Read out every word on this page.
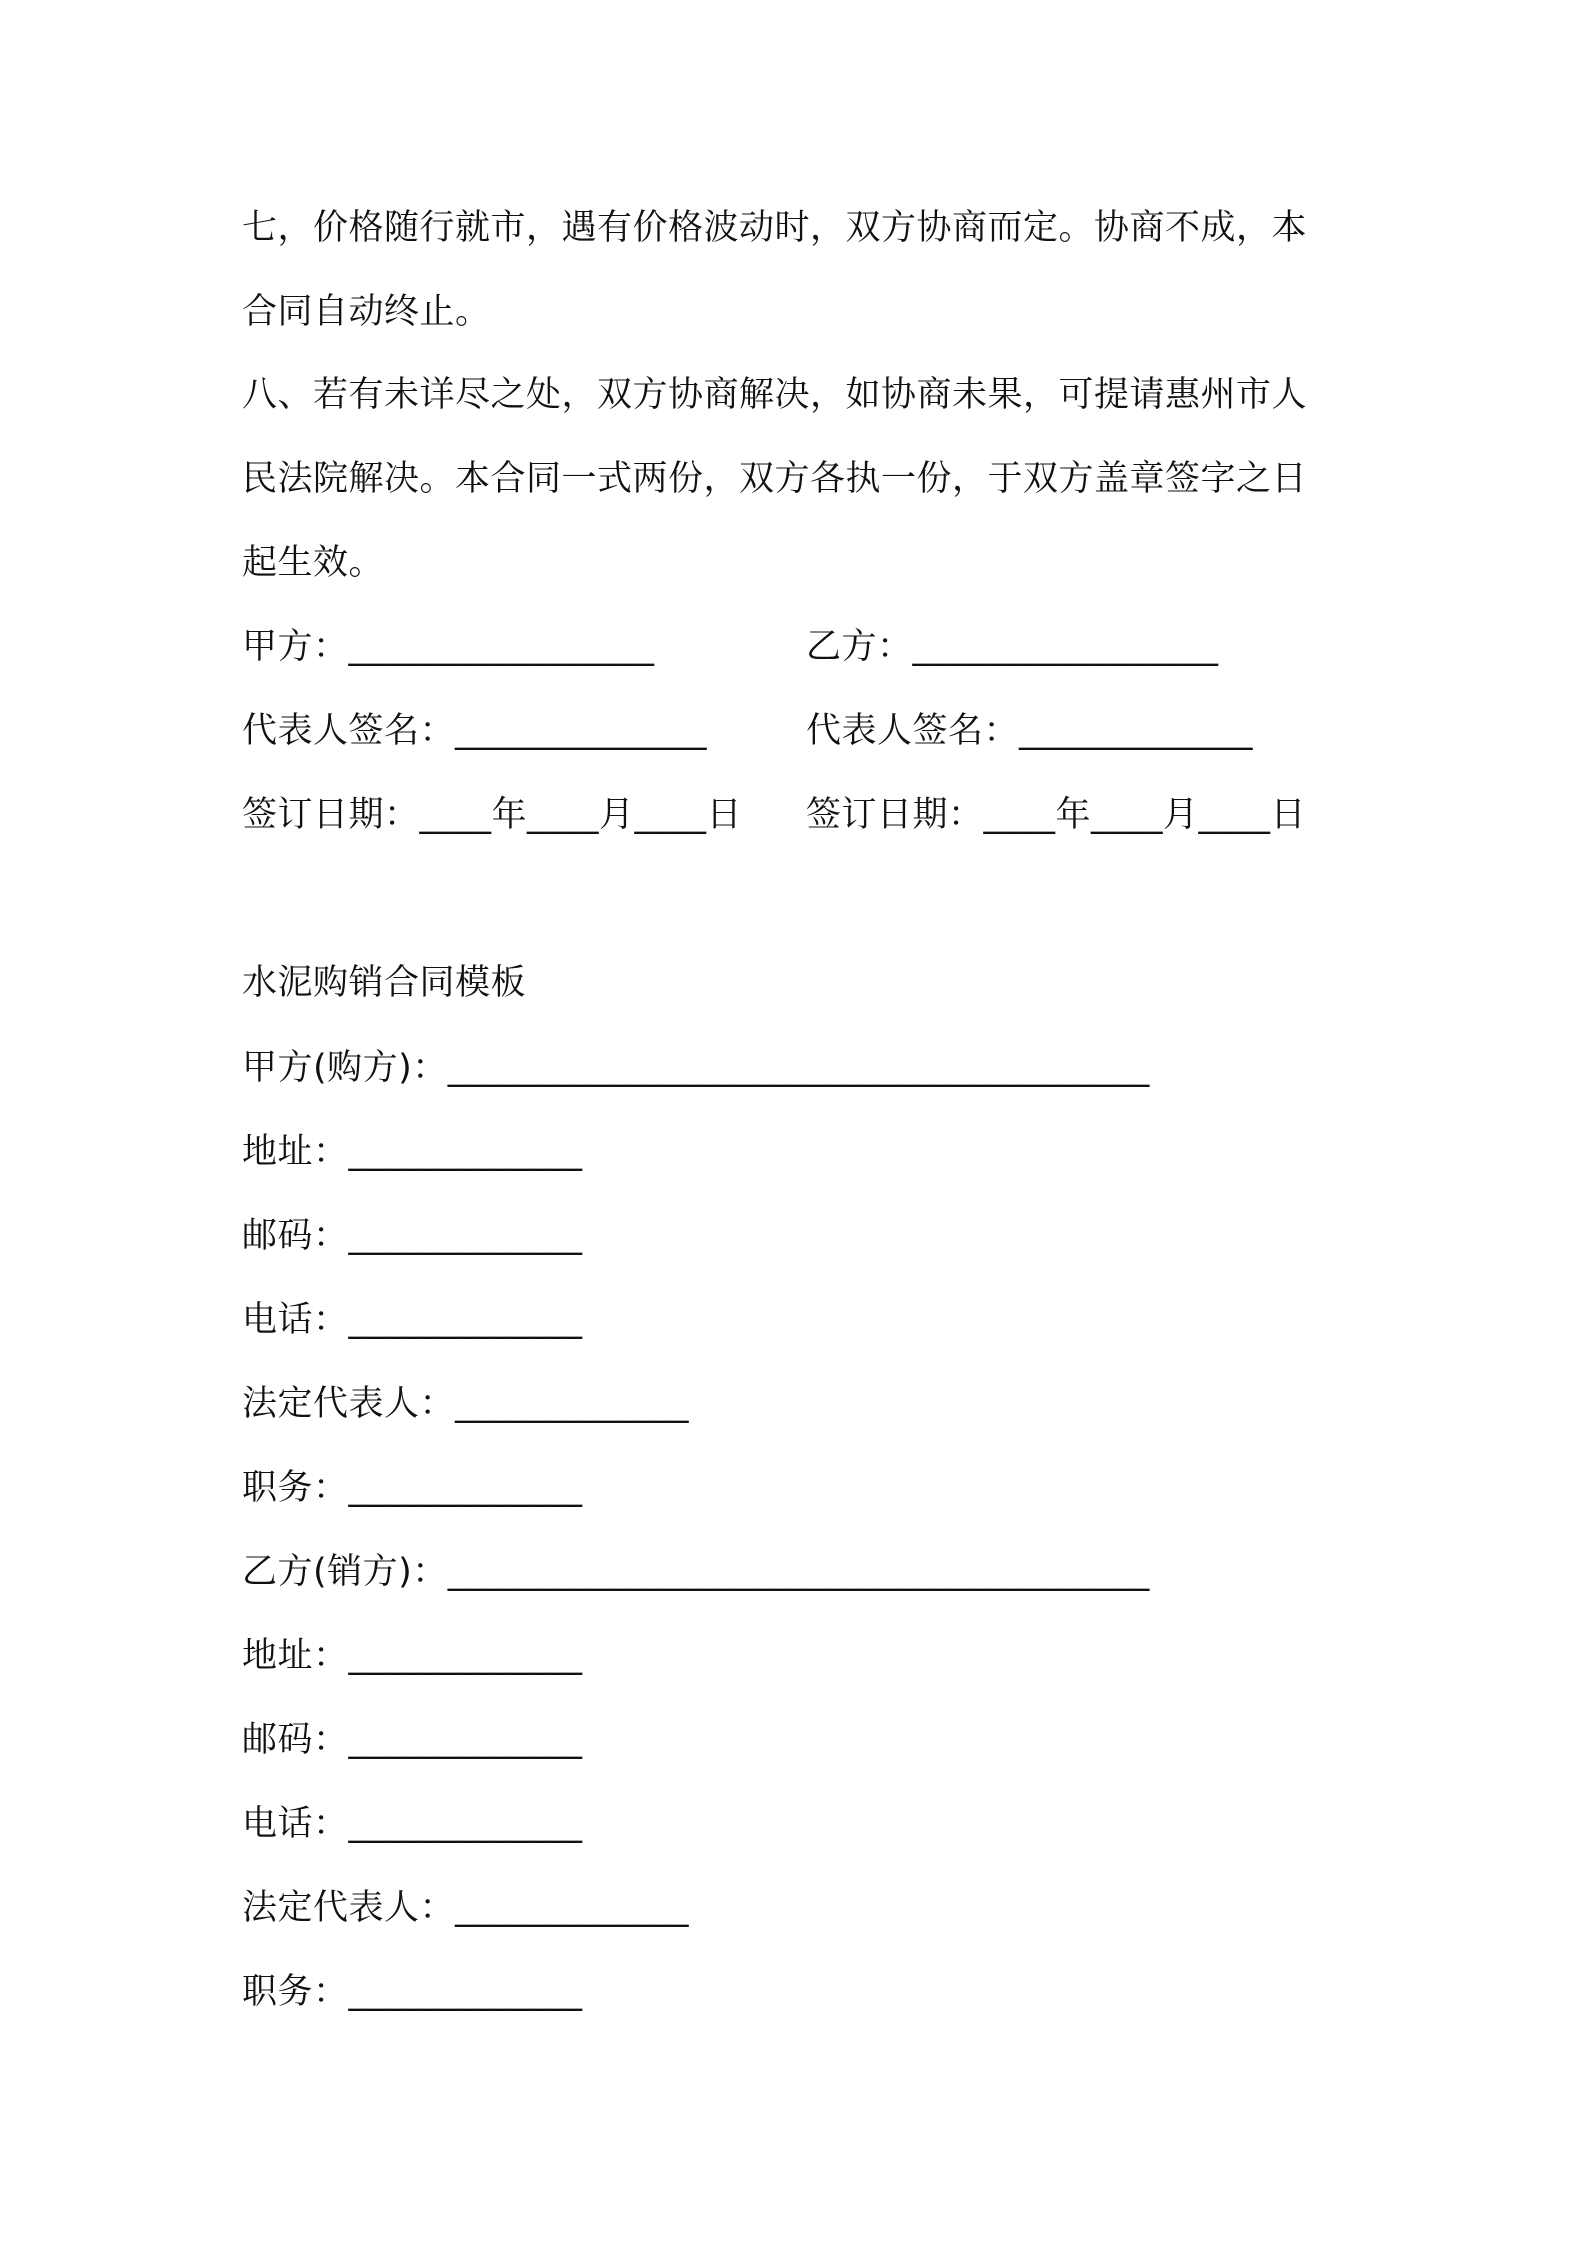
七，价格随行就市，遇有价格波动时，双方协商而定。协商不成，本
合同自动终止。
八、若有未详尽之处，双方协商解决，如协商未果，可提请惠州市人
民法院解决。本合同一式两份，双方各执一份，于双方盖章签字之日
起生效。
甲方：_________________	乙方：_________________
代表人签名：______________	代表人签名：_____________
签订日期：____年____月____日 签订日期：____年____月____日
水泥购销合同模板
甲方(购方)：_______________________________________
地址：_____________
邮码：_____________
电话：_____________
法定代表人：_____________
职务：_____________
乙方(销方)：_______________________________________
地址：_____________
邮码：_____________
电话：_____________
法定代表人：_____________
职务：_____________
